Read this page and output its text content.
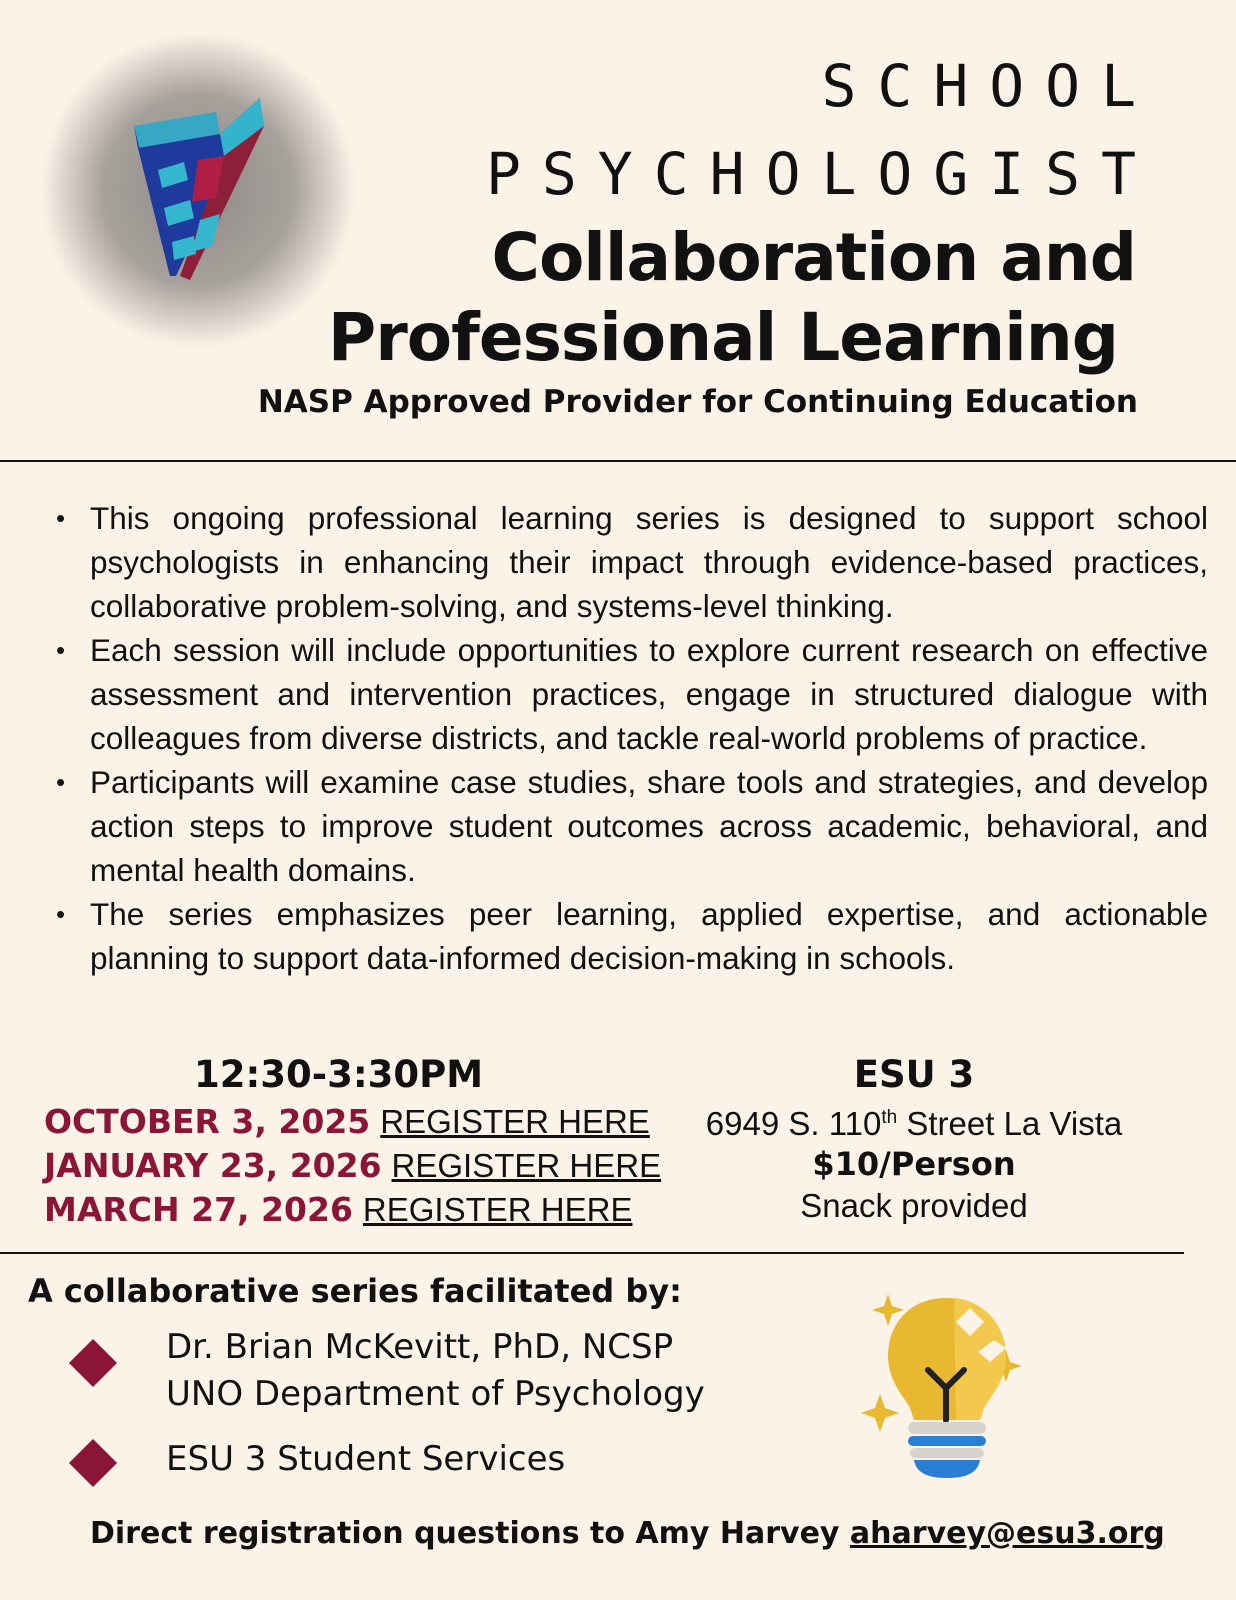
SCHOOL
PSYCHOLOGIST
Collaboration and
Professional Learning
NASP Approved Provider for Continuing Education
• This ongoing professional learning series is designed to support school psychologists in enhancing their impact through evidence-based practices, collaborative problem-solving, and systems-level thinking.
• Each session will include opportunities to explore current research on effective assessment and intervention practices, engage in structured dialogue with colleagues from diverse districts, and tackle real-world problems of practice.
• Participants will examine case studies, share tools and strategies, and develop action steps to improve student outcomes across academic, behavioral, and mental health domains.
• The series emphasizes peer learning, applied expertise, and actionable planning to support data-informed decision-making in schools.
12:30-3:30PM
OCTOBER 3, 2025 REGISTER HERE
JANUARY 23, 2026 REGISTER HERE
MARCH 27, 2026 REGISTER HERE
ESU 3
6949 S. 110th Street La Vista
$10/Person
Snack provided
A collaborative series facilitated by:
Dr. Brian McKevitt, PhD, NCSP
UNO Department of Psychology
ESU 3 Student Services
Direct registration questions to Amy Harvey aharvey@esu3.org
